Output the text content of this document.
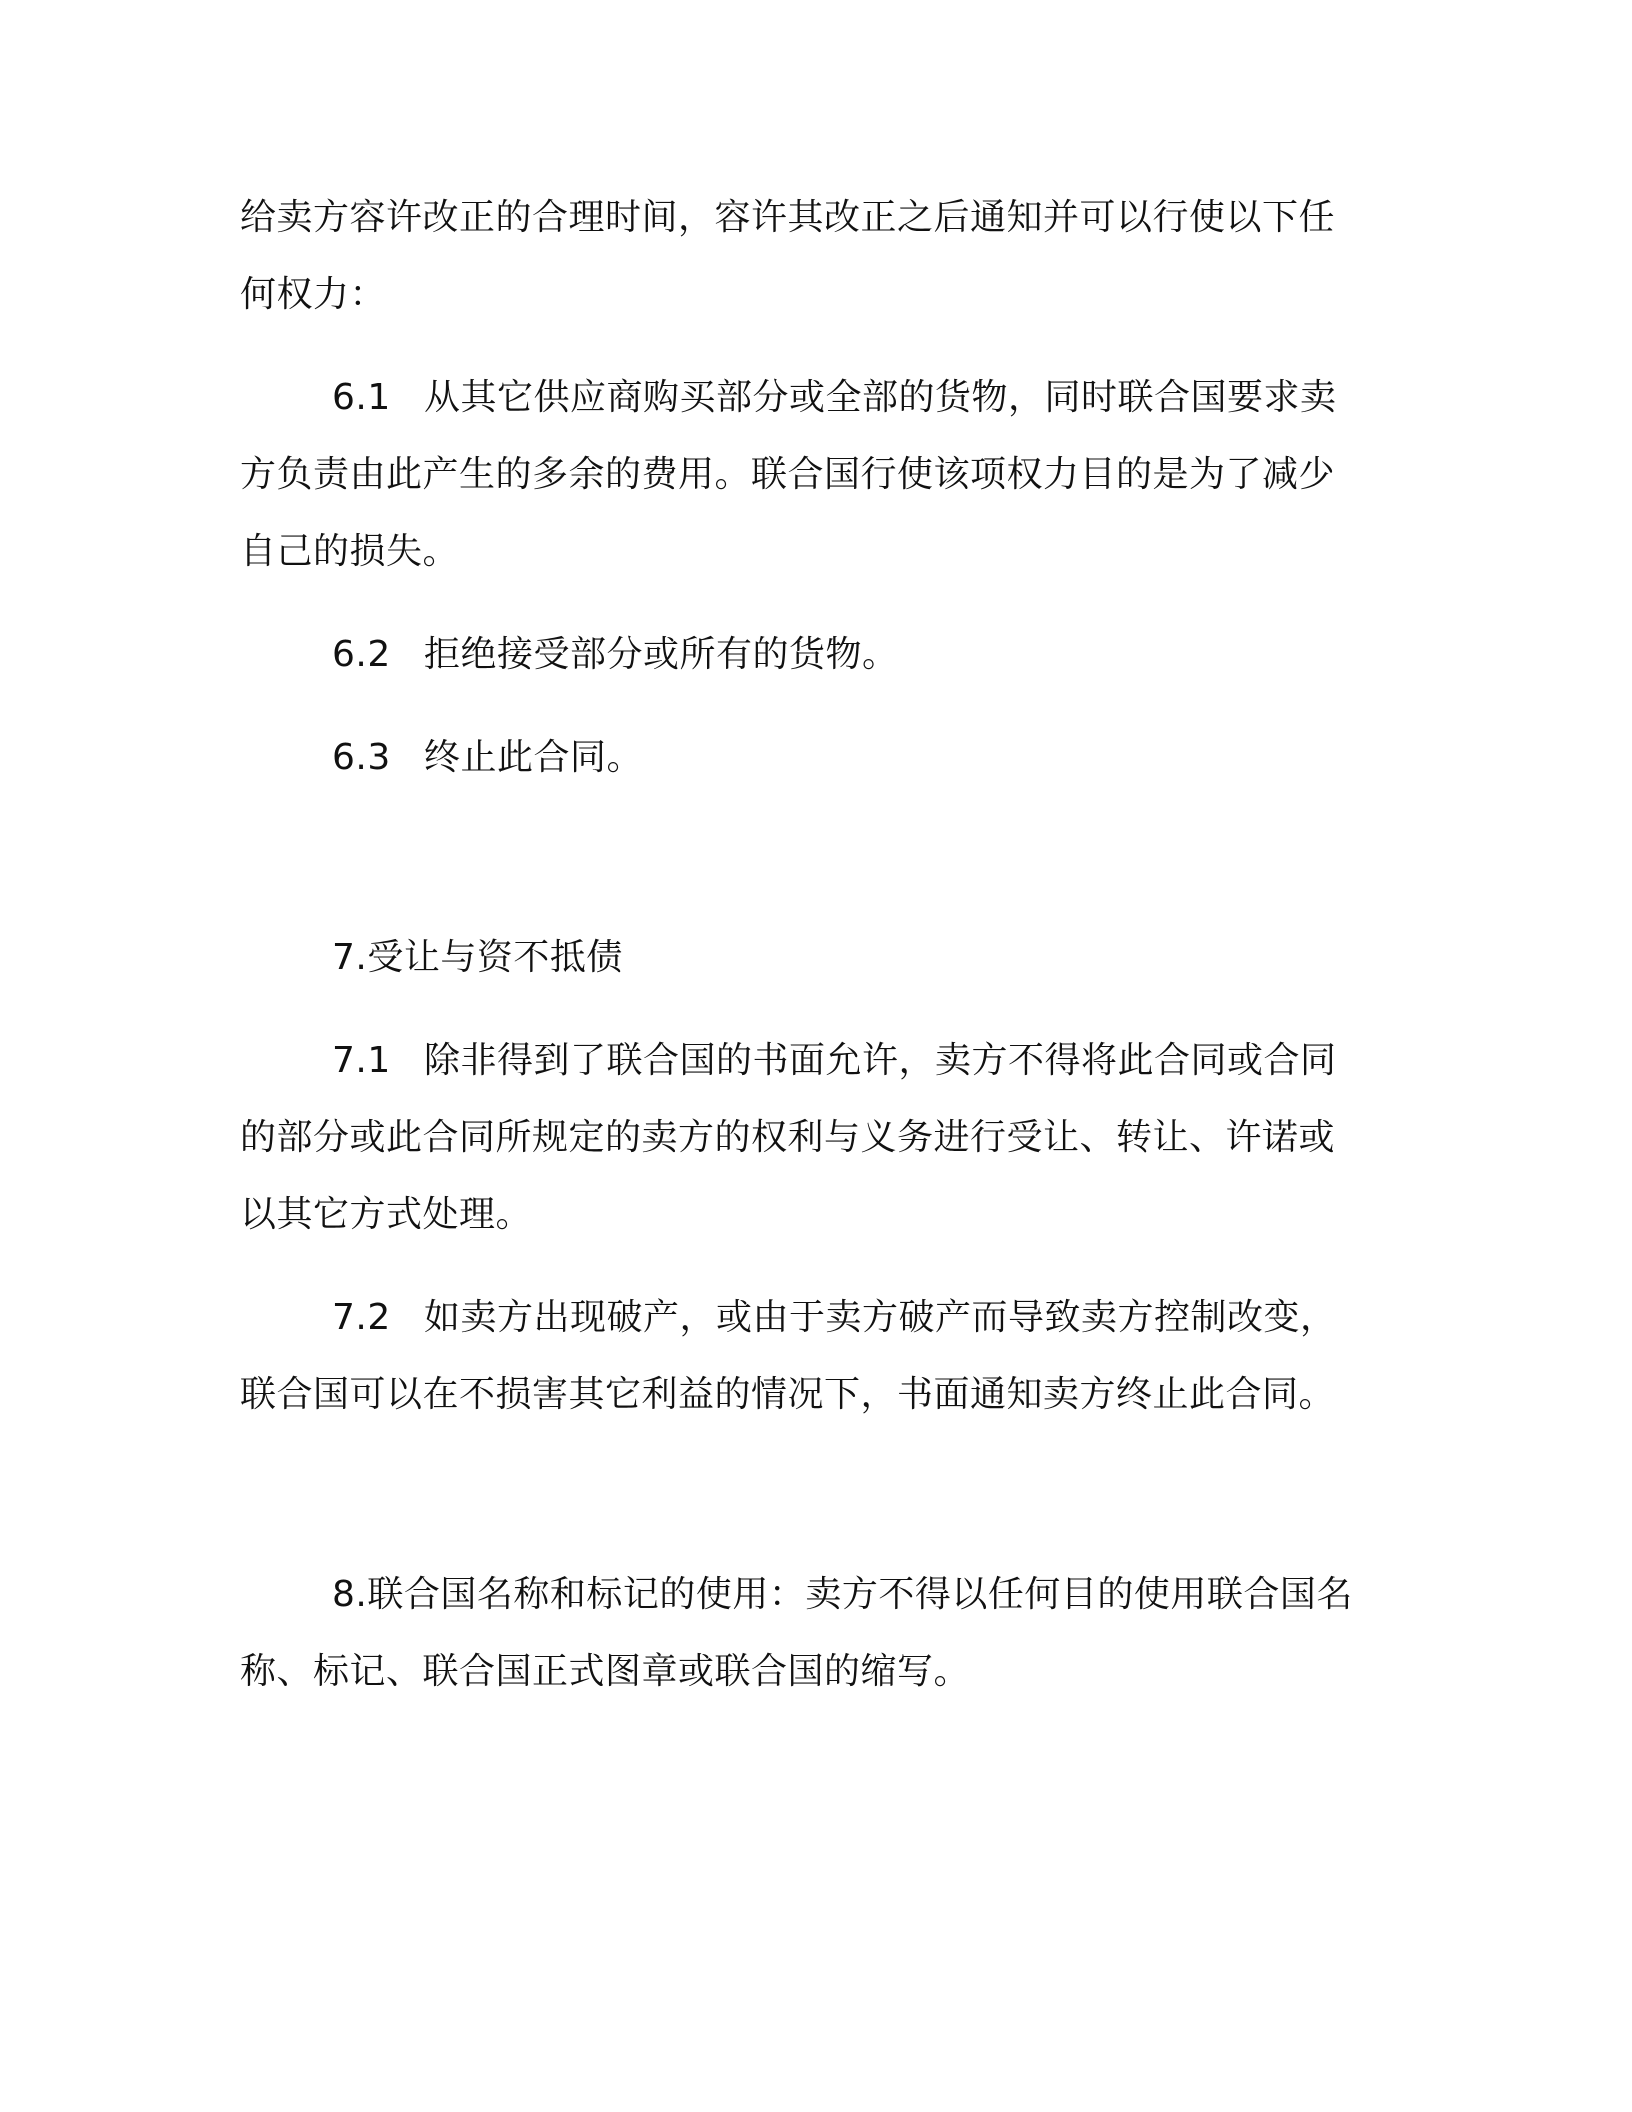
给卖方容许改正的合理时间，容许其改正之后通知并可以行使以下任
何权力：
6.1 从其它供应商购买部分或全部的货物，同时联合国要求卖
方负责由此产生的多余的费用。联合国行使该项权力目的是为了减少
自己的损失。
6.2 拒绝接受部分或所有的货物。
6.3 终止此合同。
7.受让与资不抵债
7.1 除非得到了联合国的书面允许，卖方不得将此合同或合同
的部分或此合同所规定的卖方的权利与义务进行受让、转让、许诺或
以其它方式处理。
7.2 如卖方出现破产，或由于卖方破产而导致卖方控制改变，
联合国可以在不损害其它利益的情况下，书面通知卖方终止此合同。
8.联合国名称和标记的使用：卖方不得以任何目的使用联合国名
称、标记、联合国正式图章或联合国的缩写。
